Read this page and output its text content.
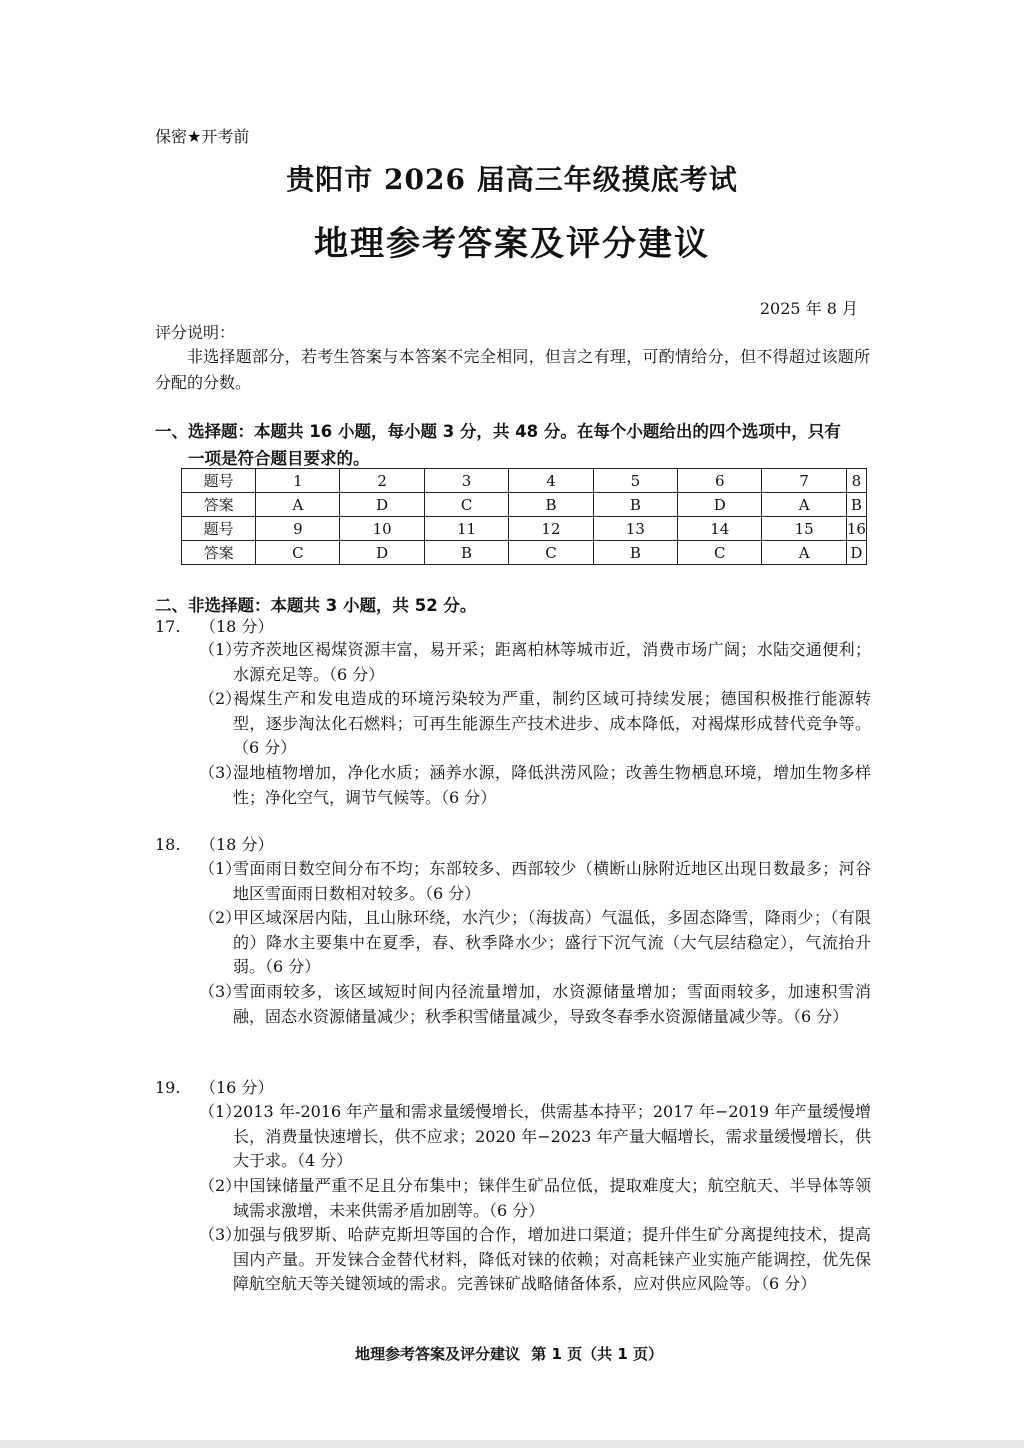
保密★开考前
贵阳市 2026 届高三年级摸底考试
地理参考答案及评分建议
2025 年 8 月
评分说明：
非选择题部分，若考生答案与本答案不完全相同，但言之有理，可酌情给分，但不得超过该题所分配的分数。
一、选择题：本题共 16 小题，每小题 3 分，共 48 分。在每个小题给出的四个选项中，只有
一项是符合题目要求的。
题号	1	2	3	4	5	6	7	8
答案	A	D	C	B	B	D	A	B
题号	9	10	11	12	13	14	15	16
答案	C	D	B	C	B	C	A	D
二、非选择题：本题共 3 小题，共 52 分。
17. （18 分）
（1）
劳齐茨地区褐煤资源丰富，易开采；距离柏林等城市近，消费市场广阔；水陆交通便利；水源充足等。（6 分）
（2）
褐煤生产和发电造成的环境污染较为严重，制约区域可持续发展；德国积极推行能源转型，逐步淘汰化石燃料；可再生能源生产技术进步、成本降低，对褐煤形成替代竞争等。（6 分）
（3）
湿地植物增加，净化水质；涵养水源，降低洪涝风险；改善生物栖息环境，增加生物多样性；净化空气，调节气候等。（6 分）
18. （18 分）
（1）
雪面雨日数空间分布不均；东部较多、西部较少（横断山脉附近地区出现日数最多；河谷地区雪面雨日数相对较多。（6 分）
（2）
甲区域深居内陆，且山脉环绕，水汽少；（海拔高）气温低，多固态降雪，降雨少；（有限的）降水主要集中在夏季，春、秋季降水少；盛行下沉气流（大气层结稳定），气流抬升弱。（6 分）
（3）
雪面雨较多，该区域短时间内径流量增加，水资源储量增加；雪面雨较多，加速积雪消融，固态水资源储量减少；秋季积雪储量减少，导致冬春季水资源储量减少等。（6 分）
19. （16 分）
（1）
2013 年-2016 年产量和需求量缓慢增长，供需基本持平；2017 年−2019 年产量缓慢增长，消费量快速增长，供不应求；2020 年−2023 年产量大幅增长，需求量缓慢增长，供大于求。（4 分）
（2）
中国铼储量严重不足且分布集中；铼伴生矿品位低，提取难度大；航空航天、半导体等领域需求激增，未来供需矛盾加剧等。（6 分）
（3）
加强与俄罗斯、哈萨克斯坦等国的合作，增加进口渠道；提升伴生矿分离提纯技术，提高国内产量。开发铼合金替代材料，降低对铼的依赖；对高耗铼产业实施产能调控，优先保障航空航天等关键领域的需求。完善铼矿战略储备体系，应对供应风险等。（6 分）
地理参考答案及评分建议 第 1 页（共 1 页）
